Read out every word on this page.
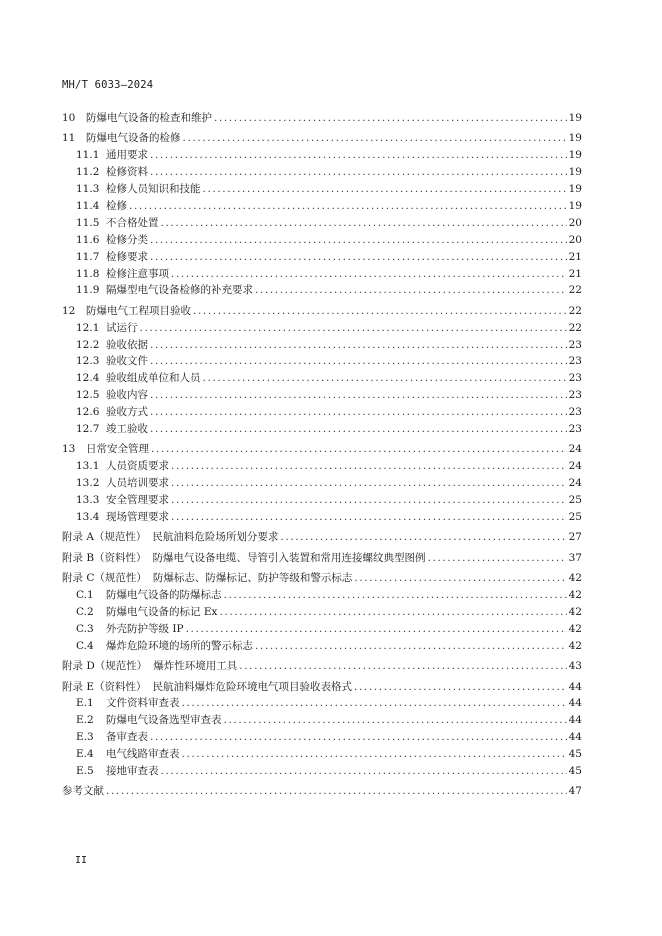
MH/T 6033—2024
10	防爆电气设备的检查和维护 .....	19
11	防爆电气设备的检修 .....	19
11.1 通用要求 .....	19
11.2 检修资料 .....	19
11.3 检修人员知识和技能 .....	19
11.4 检修 .....	19
11.5 不合格处置 .....	20
11.6 检修分类 .....	20
11.7 检修要求 .....	21
11.8 检修注意事项 .....	21
11.9 隔爆型电气设备检修的补充要求 .....	22
12	防爆电气工程项目验收 .....	22
12.1 试运行 .....	22
12.2 验收依据 .....	23
12.3 验收文件 .....	23
12.4 验收组成单位和人员 .....	23
12.5 验收内容 .....	23
12.6 验收方式 .....	23
12.7 竣工验收 .....	23
13	日常安全管理 .....	24
13.1 人员资质要求 .....	24
13.2 人员培训要求 .....	24
13.3 安全管理要求 .....	25
13.4 现场管理要求 .....	25
附录 A（规范性） 民航油料危险场所划分要求 .....	27
附录 B（资料性） 防爆电气设备电缆、导管引入装置和常用连接螺纹典型图例 .....	37
附录 C（规范性） 防爆标志、防爆标记、防护等级和警示标志 .....	42
C.1	防爆电气设备的防爆标志 .....	42
C.2	防爆电气设备的标记 Ex .....	42
C.3	外壳防护等级 IP .....	42
C.4	爆炸危险环境的场所的警示标志 .....	42
附录 D（规范性） 爆炸性环境用工具 .....	43
附录 E（资料性） 民航油料爆炸危险环境电气项目验收表格式 .....	44
E.1	文件资料审查表 .....	44
E.2	防爆电气设备选型审查表 .....	44
E.3	备审查表 .....	44
E.4	电气线路审查表 .....	45
E.5	接地审查表 .....	45
参考文献 .....	47
II
